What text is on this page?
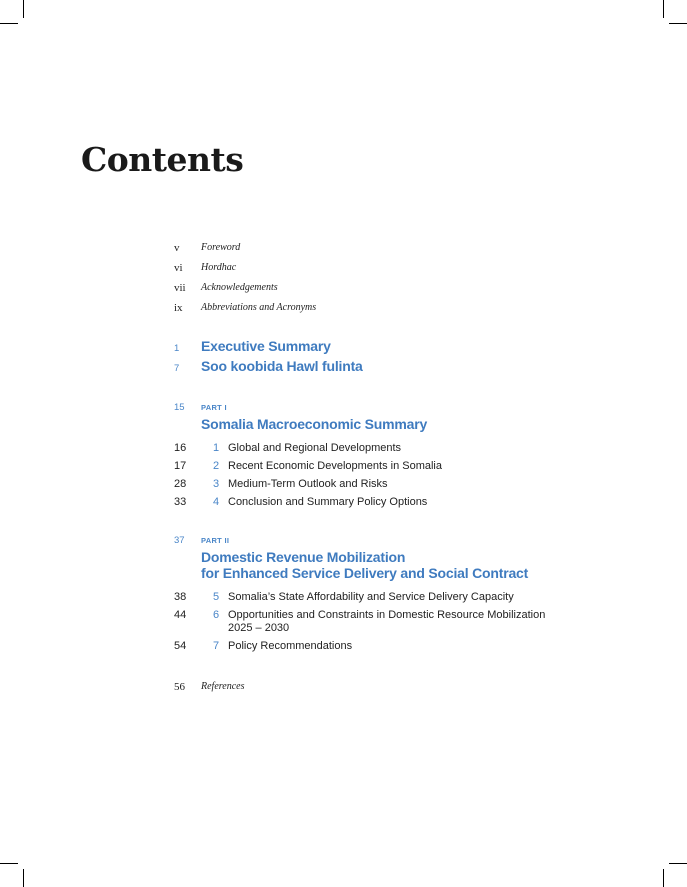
Contents
v Foreword
vi Hordhac
vii Acknowledgements
ix Abbreviations and Acronyms
1 Executive Summary
7 Soo koobida Hawl fulinta
15 PART I
Somalia Macroeconomic Summary
16 1 Global and Regional Developments
17 2 Recent Economic Developments in Somalia
28 3 Medium-Term Outlook and Risks
33 4 Conclusion and Summary Policy Options
37 PART II
Domestic Revenue Mobilization
for Enhanced Service Delivery and Social Contract
38 5 Somalia’s State Affordability and Service Delivery Capacity
44 6 Opportunities and Constraints in Domestic Resource Mobilization
2025 – 2030
54 7 Policy Recommendations
56 References
